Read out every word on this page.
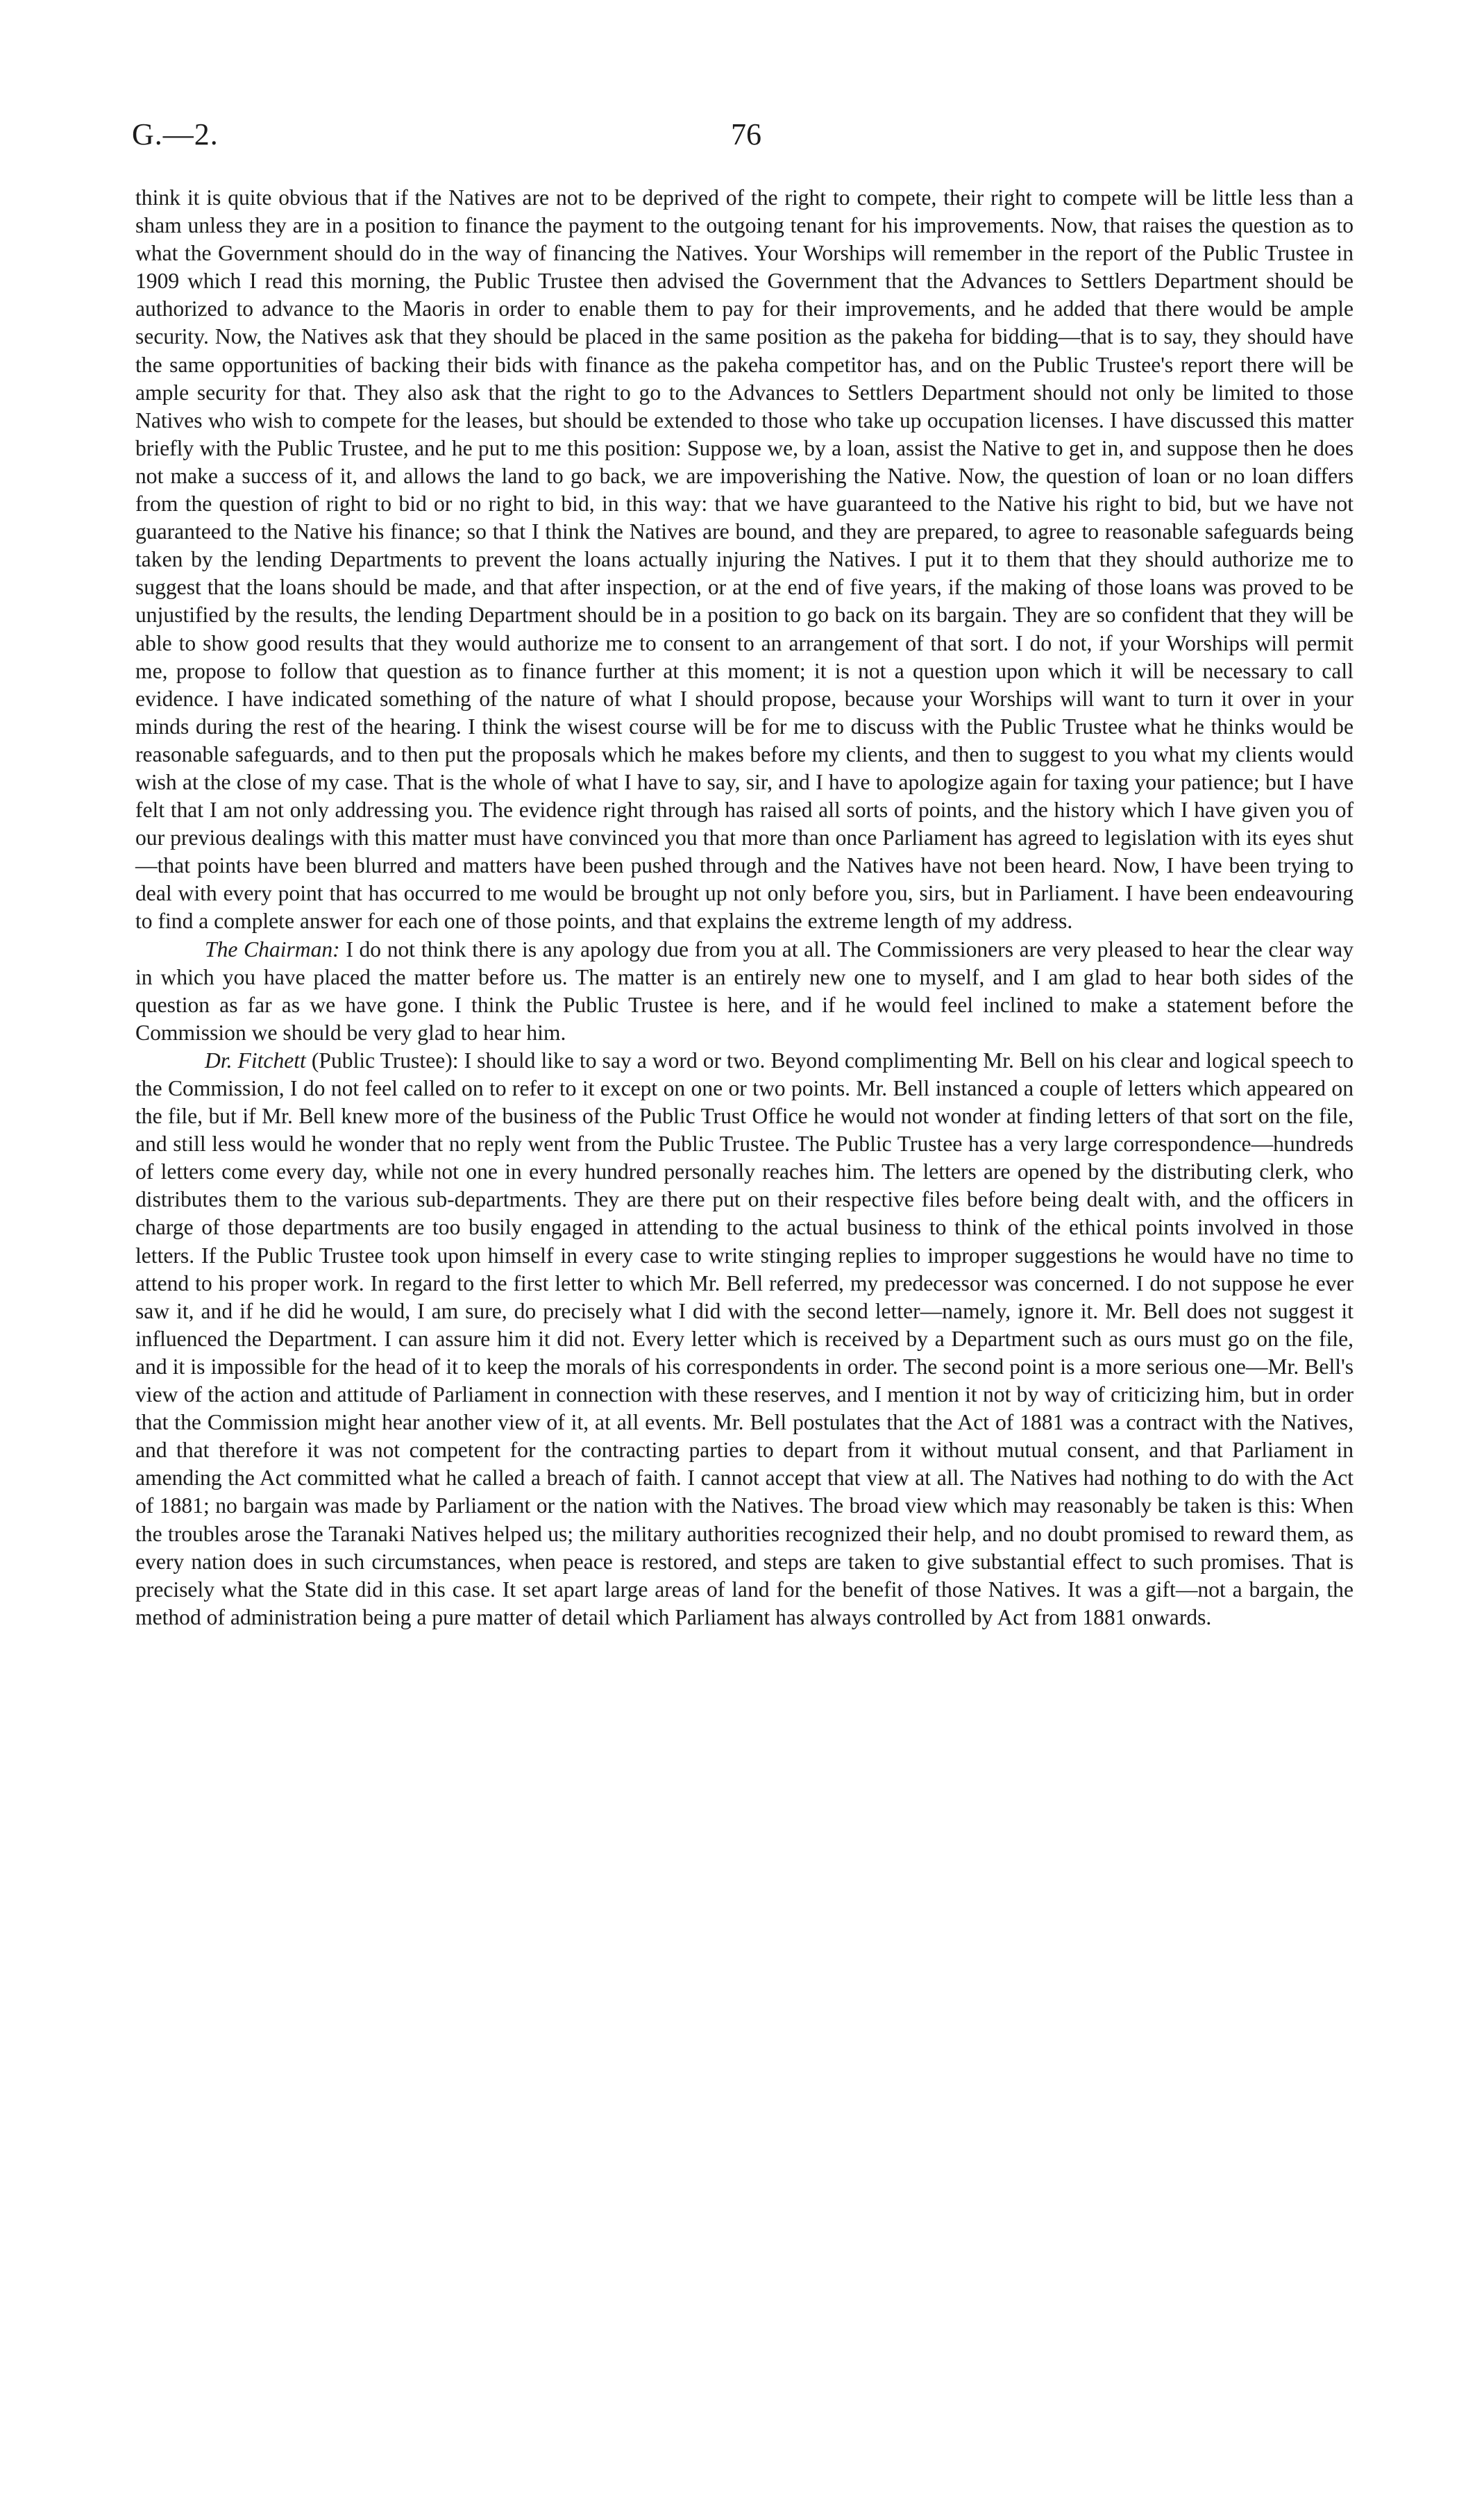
G.—2.	76

think it is quite obvious that if the Natives are not to be deprived of the right to compete, their right to compete will be little less than a sham unless they are in a position to finance the payment to the outgoing tenant for his improvements. Now, that raises the question as to what the Government should do in the way of financing the Natives. Your Worships will remember in the report of the Public Trustee in 1909 which I read this morning, the Public Trustee then advised the Government that the Advances to Settlers Department should be authorized to advance to the Maoris in order to enable them to pay for their improvements, and he added that there would be ample security. Now, the Natives ask that they should be placed in the same position as the pakeha for bidding—that is to say, they should have the same opportunities of backing their bids with finance as the pakeha competitor has, and on the Public Trustee's report there will be ample security for that. They also ask that the right to go to the Advances to Settlers Department should not only be limited to those Natives who wish to compete for the leases, but should be extended to those who take up occupation licenses. I have discussed this matter briefly with the Public Trustee, and he put to me this position: Suppose we, by a loan, assist the Native to get in, and suppose then he does not make a success of it, and allows the land to go back, we are impoverishing the Native. Now, the question of loan or no loan differs from the question of right to bid or no right to bid, in this way: that we have guaranteed to the Native his right to bid, but we have not guaranteed to the Native his finance; so that I think the Natives are bound, and they are prepared, to agree to reasonable safeguards being taken by the lending Departments to prevent the loans actually injuring the Natives. I put it to them that they should authorize me to suggest that the loans should be made, and that after inspection, or at the end of five years, if the making of those loans was proved to be unjustified by the results, the lending Department should be in a position to go back on its bargain. They are so confident that they will be able to show good results that they would authorize me to consent to an arrangement of that sort. I do not, if your Worships will permit me, propose to follow that question as to finance further at this moment; it is not a question upon which it will be necessary to call evidence. I have indicated something of the nature of what I should propose, because your Worships will want to turn it over in your minds during the rest of the hearing. I think the wisest course will be for me to discuss with the Public Trustee what he thinks would be reasonable safeguards, and to then put the proposals which he makes before my clients, and then to suggest to you what my clients would wish at the close of my case. That is the whole of what I have to say, sir, and I have to apologize again for taxing your patience; but I have felt that I am not only addressing you. The evidence right through has raised all sorts of points, and the history which I have given you of our previous dealings with this matter must have convinced you that more than once Parliament has agreed to legislation with its eyes shut—that points have been blurred and matters have been pushed through and the Natives have not been heard. Now, I have been trying to deal with every point that has occurred to me would be brought up not only before you, sirs, but in Parliament. I have been endeavouring to find a complete answer for each one of those points, and that explains the extreme length of my address.

The Chairman: I do not think there is any apology due from you at all. The Commissioners are very pleased to hear the clear way in which you have placed the matter before us. The matter is an entirely new one to myself, and I am glad to hear both sides of the question as far as we have gone. I think the Public Trustee is here, and if he would feel inclined to make a statement before the Commission we should be very glad to hear him.

Dr. Fitchett (Public Trustee): I should like to say a word or two. Beyond complimenting Mr. Bell on his clear and logical speech to the Commission, I do not feel called on to refer to it except on one or two points. Mr. Bell instanced a couple of letters which appeared on the file, but if Mr. Bell knew more of the business of the Public Trust Office he would not wonder at finding letters of that sort on the file, and still less would he wonder that no reply went from the Public Trustee. The Public Trustee has a very large correspondence—hundreds of letters come every day, while not one in every hundred personally reaches him. The letters are opened by the distributing clerk, who distributes them to the various sub-departments. They are there put on their respective files before being dealt with, and the officers in charge of those departments are too busily engaged in attending to the actual business to think of the ethical points involved in those letters. If the Public Trustee took upon himself in every case to write stinging replies to improper suggestions he would have no time to attend to his proper work. In regard to the first letter to which Mr. Bell referred, my predecessor was concerned. I do not suppose he ever saw it, and if he did he would, I am sure, do precisely what I did with the second letter—namely, ignore it. Mr. Bell does not suggest it influenced the Department. I can assure him it did not. Every letter which is received by a Department such as ours must go on the file, and it is impossible for the head of it to keep the morals of his correspondents in order. The second point is a more serious one—Mr. Bell's view of the action and attitude of Parliament in connection with these reserves, and I mention it not by way of criticizing him, but in order that the Commission might hear another view of it, at all events. Mr. Bell postulates that the Act of 1881 was a contract with the Natives, and that therefore it was not competent for the contracting parties to depart from it without mutual consent, and that Parliament in amending the Act committed what he called a breach of faith. I cannot accept that view at all. The Natives had nothing to do with the Act of 1881; no bargain was made by Parliament or the nation with the Natives. The broad view which may reasonably be taken is this: When the troubles arose the Taranaki Natives helped us; the military authorities recognized their help, and no doubt promised to reward them, as every nation does in such circumstances, when peace is restored, and steps are taken to give substantial effect to such promises. That is precisely what the State did in this case. It set apart large areas of land for the benefit of those Natives. It was a gift—not a bargain, the method of administration being a pure matter of detail which Parliament has always controlled by Act from 1881 onwards.
